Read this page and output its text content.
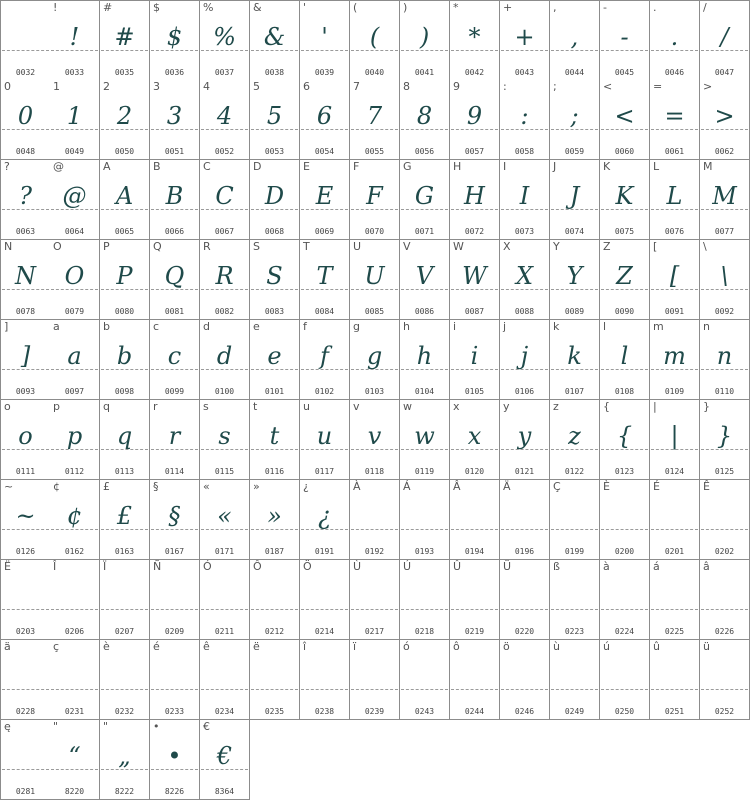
0032
!
!
0033
#
#
0035
$
$
0036
%
%
0037
&
&
0038
'
'
0039
(
(
0040
)
)
0041
*
*
0042
+
+
0043
,
,
0044
-
-
0045
.
.
0046
/
/
0047
0
0
0048
1
1
0049
2
2
0050
3
3
0051
4
4
0052
5
5
0053
6
6
0054
7
7
0055
8
8
0056
9
9
0057
:
:
0058
;
;
0059
<
<
0060
=
=
0061
>
>
0062
?
?
0063
@
@
0064
A
A
0065
B
B
0066
C
C
0067
D
D
0068
E
E
0069
F
F
0070
G
G
0071
H
H
0072
I
I
0073
J
J
0074
K
K
0075
L
L
0076
M
M
0077
N
N
0078
O
O
0079
P
P
0080
Q
Q
0081
R
R
0082
S
S
0083
T
T
0084
U
U
0085
V
V
0086
W
W
0087
X
X
0088
Y
Y
0089
Z
Z
0090
[
[
0091
\
\
0092
]
]
0093
a
a
0097
b
b
0098
c
c
0099
d
d
0100
e
e
0101
f
f
0102
g
g
0103
h
h
0104
i
i
0105
j
j
0106
k
k
0107
l
l
0108
m
m
0109
n
n
0110
o
o
0111
p
p
0112
q
q
0113
r
r
0114
s
s
0115
t
t
0116
u
u
0117
v
v
0118
w
w
0119
x
x
0120
y
y
0121
z
z
0122
{
{
0123
|
|
0124
}
}
0125
~
~
0126
¢
¢
0162
£
£
0163
§
§
0167
«
«
0171
»
»
0187
¿
¿
0191
À
0192
Á
0193
Â
0194
Ä
0196
Ç
0199
È
0200
É
0201
Ê
0202
Ë
0203
Î
0206
Ï
0207
Ñ
0209
Ó
0211
Ô
0212
Ö
0214
Ù
0217
Ú
0218
Û
0219
Ü
0220
ß
0223
à
0224
á
0225
â
0226
ä
0228
ç
0231
è
0232
é
0233
ê
0234
ë
0235
î
0238
ï
0239
ó
0243
ô
0244
ö
0246
ù
0249
ú
0250
û
0251
ü
0252
ę
0281
"
“
8220
"
„
8222
•
•
8226
€
€
8364
